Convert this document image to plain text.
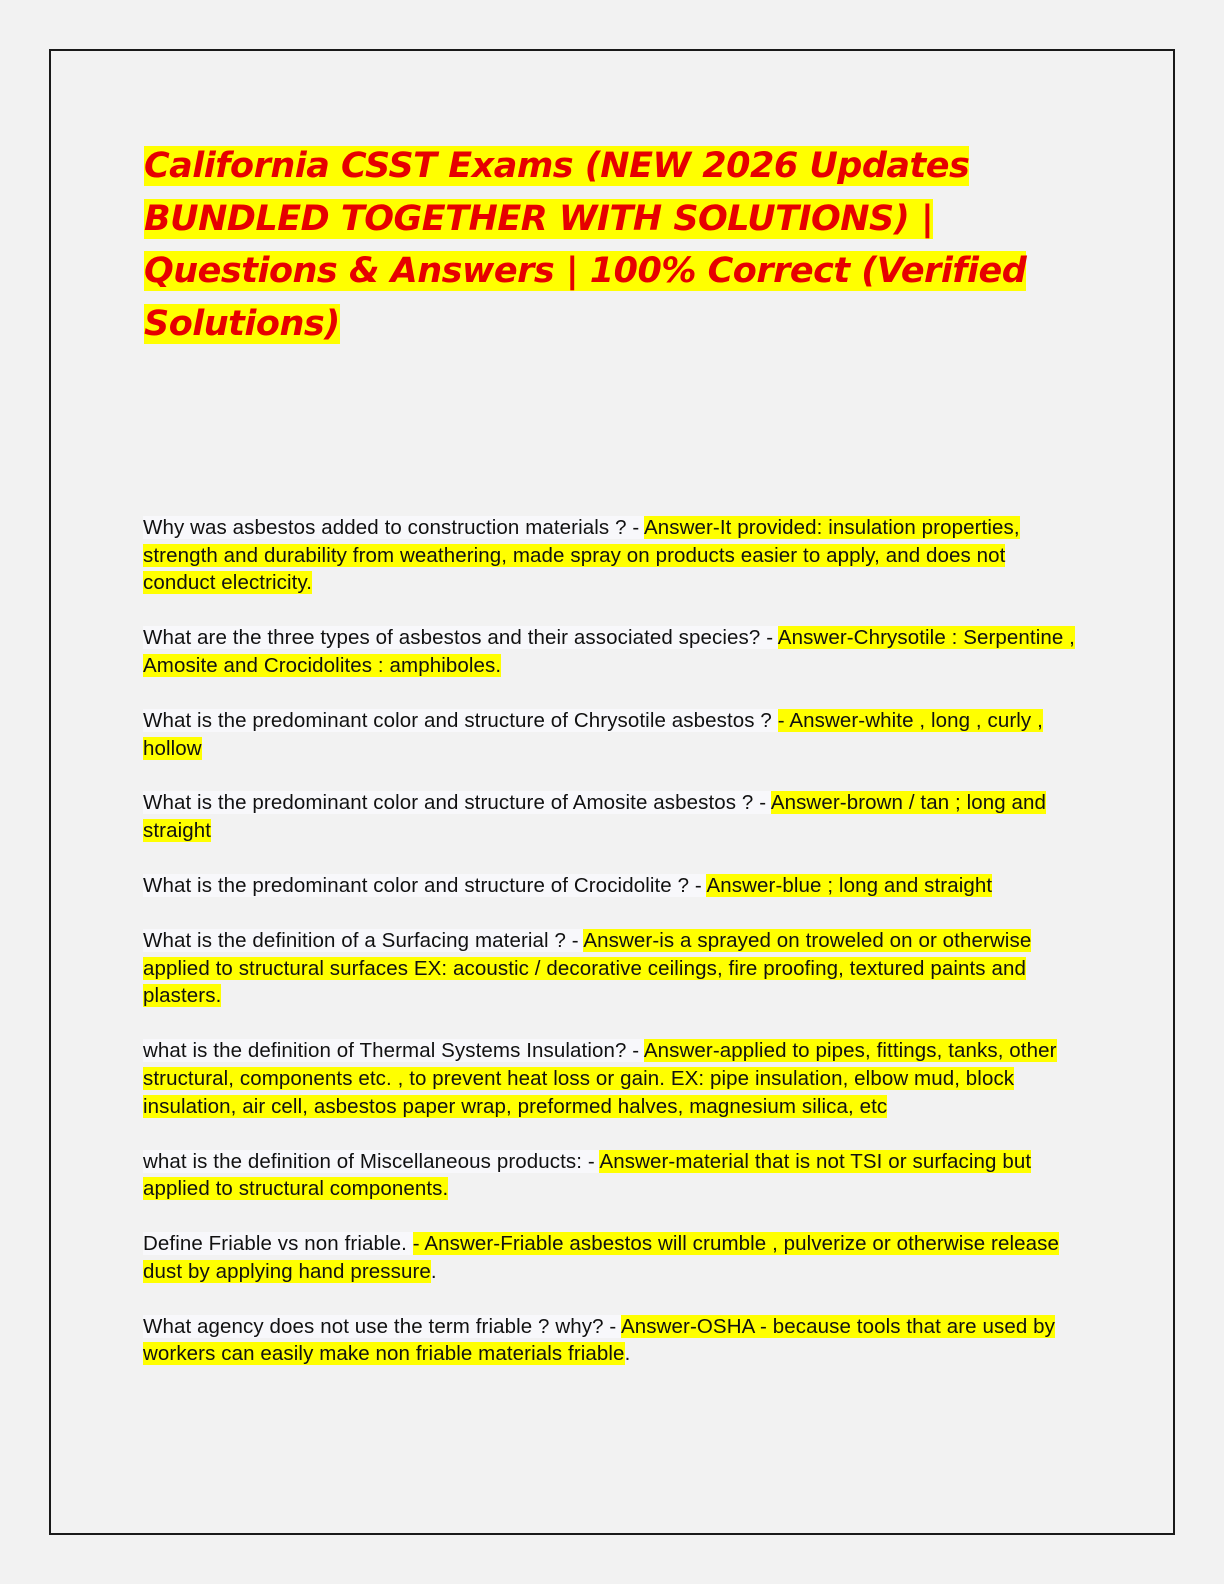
California CSST Exams (NEW 2026 Updates BUNDLED TOGETHER WITH SOLUTIONS) | Questions & Answers | 100% Correct (Verified Solutions)

Why was asbestos added to construction materials ? - Answer-It provided: insulation properties, strength and durability from weathering, made spray on products easier to apply, and does not conduct electricity.

What are the three types of asbestos and their associated species? - Answer-Chrysotile : Serpentine , Amosite and Crocidolites : amphiboles.

What is the predominant color and structure of Chrysotile asbestos ? - Answer-white , long , curly , hollow

What is the predominant color and structure of Amosite asbestos ? - Answer-brown / tan ; long and straight

What is the predominant color and structure of Crocidolite ? - Answer-blue ; long and straight

What is the definition of a Surfacing material ? - Answer-is a sprayed on troweled on or otherwise applied to structural surfaces EX: acoustic / decorative ceilings, fire proofing, textured paints and plasters.

what is the definition of Thermal Systems Insulation? - Answer-applied to pipes, fittings, tanks, other structural, components etc. , to prevent heat loss or gain. EX: pipe insulation, elbow mud, block insulation, air cell, asbestos paper wrap, preformed halves, magnesium silica, etc

what is the definition of Miscellaneous products: - Answer-material that is not TSI or surfacing but applied to structural components.

Define Friable vs non friable. - Answer-Friable asbestos will crumble , pulverize or otherwise release dust by applying hand pressure.

What agency does not use the term friable ? why? - Answer-OSHA - because tools that are used by workers can easily make non friable materials friable.
